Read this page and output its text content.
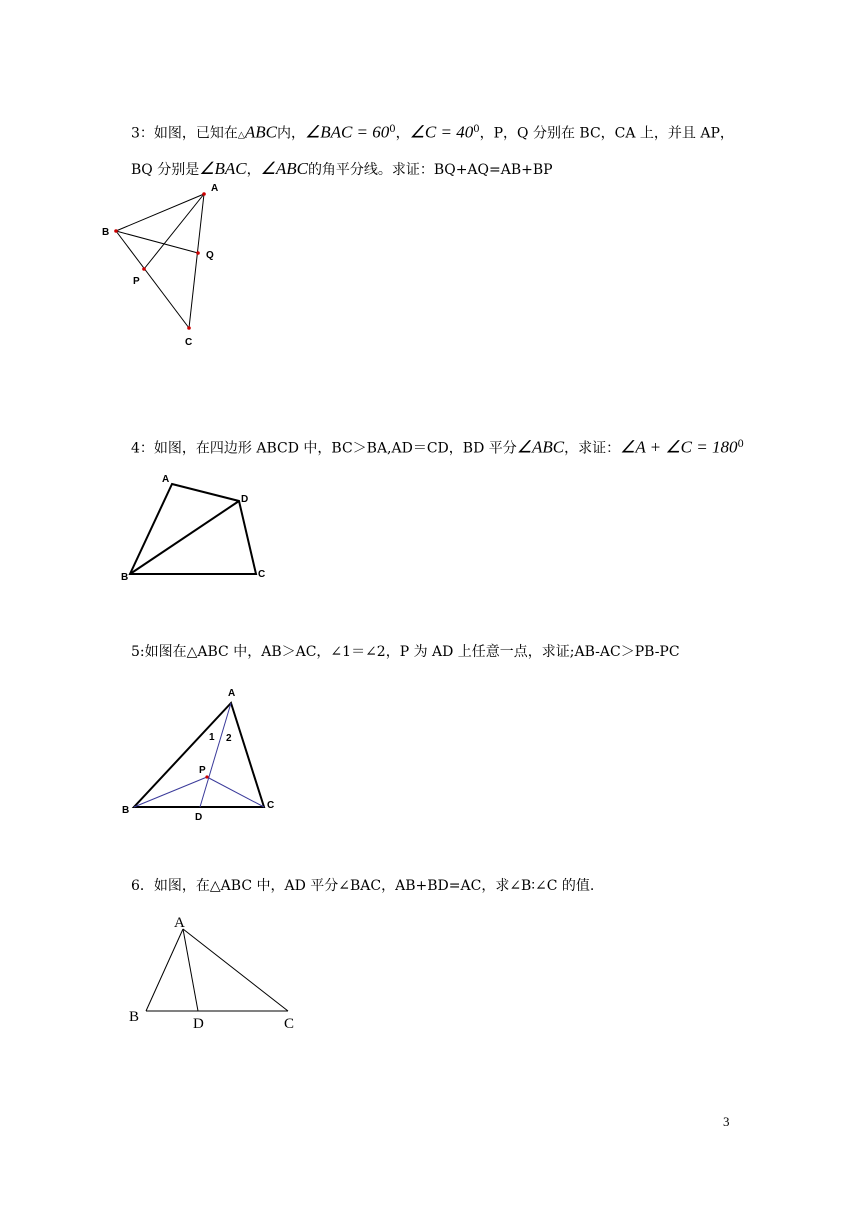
3：如图，已知在△ABC内，∠BAC = $60^0$，∠C = $40^0$，P，Q 分别在 BC，CA 上，并且 AP，
BQ 分别是∠BAC，∠ABC的角平分线。求证：BQ+AQ=AB+BP
A
B
Q
P
C
4：如图，在四边形 ABCD 中，BC＞BA,AD＝CD，BD 平分∠ABC，求证：∠A + ∠C = $180^0$
A
D
B	C
5:如图在△ABC 中，AB＞AC，∠1＝∠2，P 为 AD 上任意一点，求证;AB-AC＞PB-PC
A
1 2
P
B	C
D
6．如图，在△ABC 中，AD 平分∠BAC，AB+BD=AC，求∠B∶∠C 的值.
A
B	D	C
3
